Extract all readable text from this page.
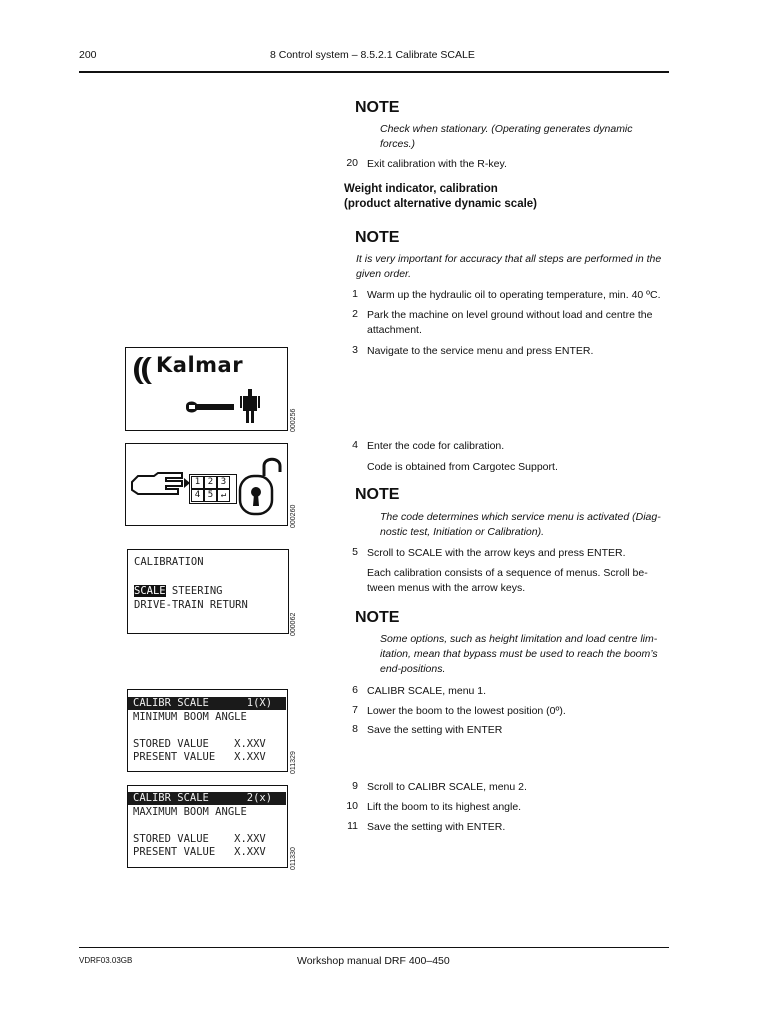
200	8 Control system – 8.5.2.1 Calibrate SCALE
NOTE
Check when stationary. (Operating generates dynamic
forces.)
20 Exit calibration with the R-key.
Weight indicator, calibration
(product alternative dynamic scale)
NOTE
It is very important for accuracy that all steps are performed in the
given order.
1 Warm up the hydraulic oil to operating temperature, min. 40 ºC.
2 Park the machine on level ground without load and centre the
attachment.
3 Navigate to the service menu and press ENTER.
Kalmar
000256
4 Enter the code for calibration.
Code is obtained from Cargotec Support.
1 2 3
4 5 ↵
000260
NOTE
The code determines which service menu is activated (Diag-
nostic test, Initiation or Calibration).
5 Scroll to SCALE with the arrow keys and press ENTER.
Each calibration consists of a sequence of menus. Scroll be-
tween menus with the arrow keys.
CALIBRATION
SCALE STEERING
DRIVE-TRAIN RETURN
000062	NOTE
Some options, such as height limitation and load centre lim-
itation, mean that bypass must be used to reach the boom’s
end-positions.
6 CALIBR SCALE, menu 1.
7 Lower the boom to the lowest position (0º).
8 Save the setting with ENTER
CALIBR SCALE      1(X)
MINIMUM BOOM ANGLE
STORED VALUE    X.XXV
PRESENT VALUE   X.XXV	011329
9 Scroll to CALIBR SCALE, menu 2.
10 Lift the boom to its highest angle.
11 Save the setting with ENTER.
CALIBR SCALE      2(x)
MAXIMUM BOOM ANGLE
STORED VALUE    X.XXV
PRESENT VALUE   X.XXV	011330
VDRF03.03GB	Workshop manual DRF 400–450
